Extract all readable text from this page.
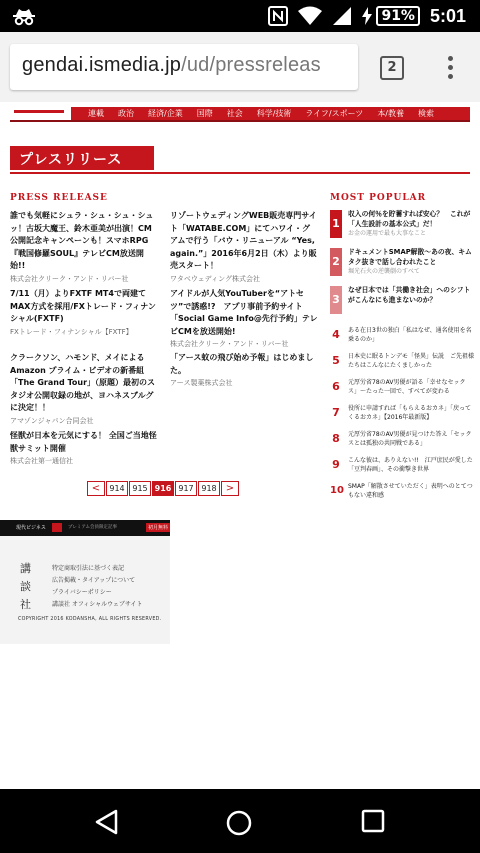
91% 5:01
gendai.ismedia.jp/ud/pressreleas	2
連載 政治 経済/企業 国際 社会 科学/技術 ライフ/スポーツ 本/教養 検索
プレスリリース
PRESS RELEASE
誰でも気軽にシュラ・シュ・シュ・シュッ！古坂大魔王、鈴木亜美が出演！CM公開記念キャンペーンも！スマホRPG『戦国修羅SOUL』テレビCM放送開始!!
株式会社クリーク・アンド・リバー社
リゾートウェディングWEB販売専門サイト「WATABE.COM」にてハワイ・グアムで行う「バウ・リニューアル “Yes, again.”」2016年6月2日（木）より販売スタート！
ワタベウェディング株式会社
7/11（月）よりFXTF MT4で両建てMAX方式を採用/FXトレード・フィナンシャル(FXTF)
FXトレード・フィナンシャル【FXTF】
アイドルが人気YouTuberを“アトセツ”で誘惑!?　アプリ事前予約サイト「Social Game Info@先行予約」テレビCMを放送開始!
株式会社クリーク・アンド・リバー社
クラークソン、ハモンド、メイによるAmazon プライム・ビデオの新番組「The Grand Tour」（原題）最初のスタジオ公開収録の地が、ヨハネスブルグに決定！！
アマゾンジャパン合同会社
「アース蚊の飛び始め予報」はじめました。
アース製薬株式会社
怪獣が日本を元気にする！ 全国ご当地怪獣サミット開催
株式会社第一通信社
<	914 915 916 917 918 >
MOST POPULAR
1
収入の何％を貯蓄すれば安心？　これが「人生設計の基本公式」だ！
お金の運用で最も大事なこと
2
ドキュメントSMAP解散～あの夜、キムタク抜きで話し合われたこと
堀光石火の逆襲劇のすべて
3
なぜ日本では「共働き社会」へのシフトがこんなにも進まないのか？
4	ある在日3世の独白「私はなぜ、通名使用を名乗るのか」
5	日本史に眠るトンデモ「怪異」伝説　ご先祖様たちはこんなにたくましかった
6	元厚労省78のAV男優が語る「幸せなセックス」～たった一回で、すべてが変わる
7	役所に申請すれば「もらえるおカネ」「戻ってくるおカネ」【2016年最新版】
8	元厚労省78のAV男優が見つけた答え「セックスとは孤独の共同戦である」
9	こんな彼は、ありえない!!　江戸庶民が愛した「豆判春画」、その衝撃き世界
10 SMAP「解散させていただく」表明へのとてつもない違和感
現代ビジネス	プレミアム会員限定記事	初月無料
講談社
特定商取引法に基づく表記
広告掲載・タイアップについて
プライバシーポリシー
講談社 オフィシャルウェブサイト
COPYRIGHT 2016 KODANSHA, ALL RIGHTS RESERVED.
